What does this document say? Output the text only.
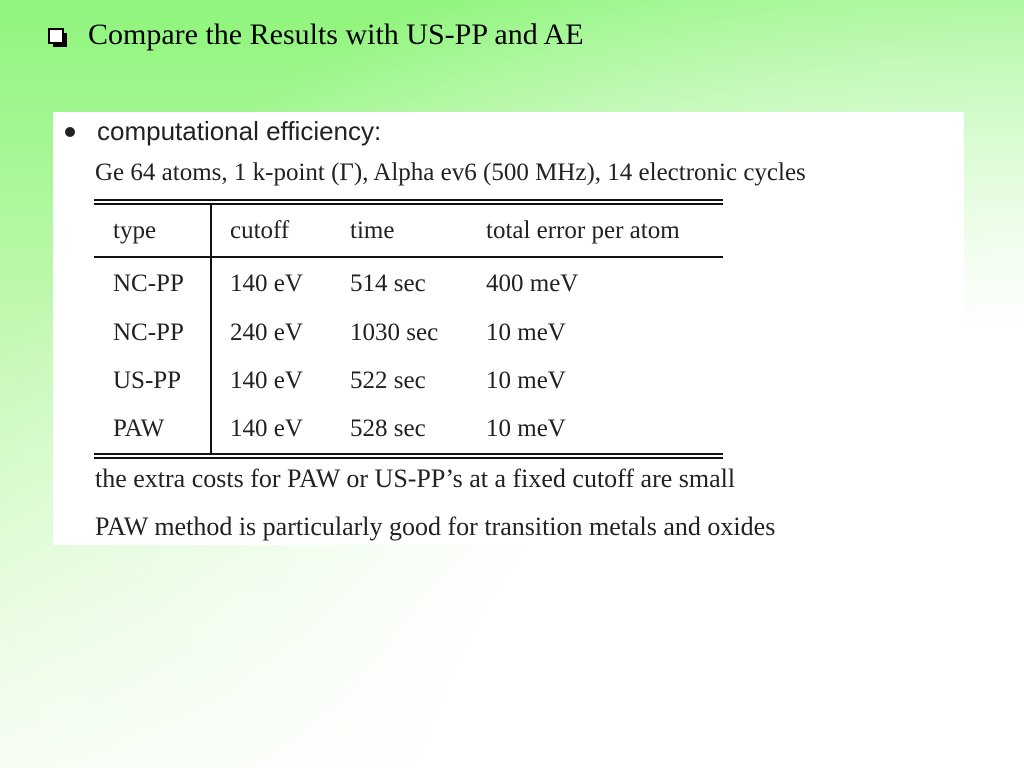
Compare the Results with US-PP and AE
computational efficiency:
Ge 64 atoms, 1 k-point (Γ), Alpha ev6 (500 MHz), 14 electronic cycles
type	cutoff	time	total error per atom
NC-PP	140 eV	514 sec	400 meV
NC-PP	240 eV	1030 sec	10 meV
US-PP	140 eV	522 sec	10 meV
PAW	140 eV	528 sec	10 meV
the extra costs for PAW or US-PP’s at a fixed cutoff are small
PAW method is particularly good for transition metals and oxides
